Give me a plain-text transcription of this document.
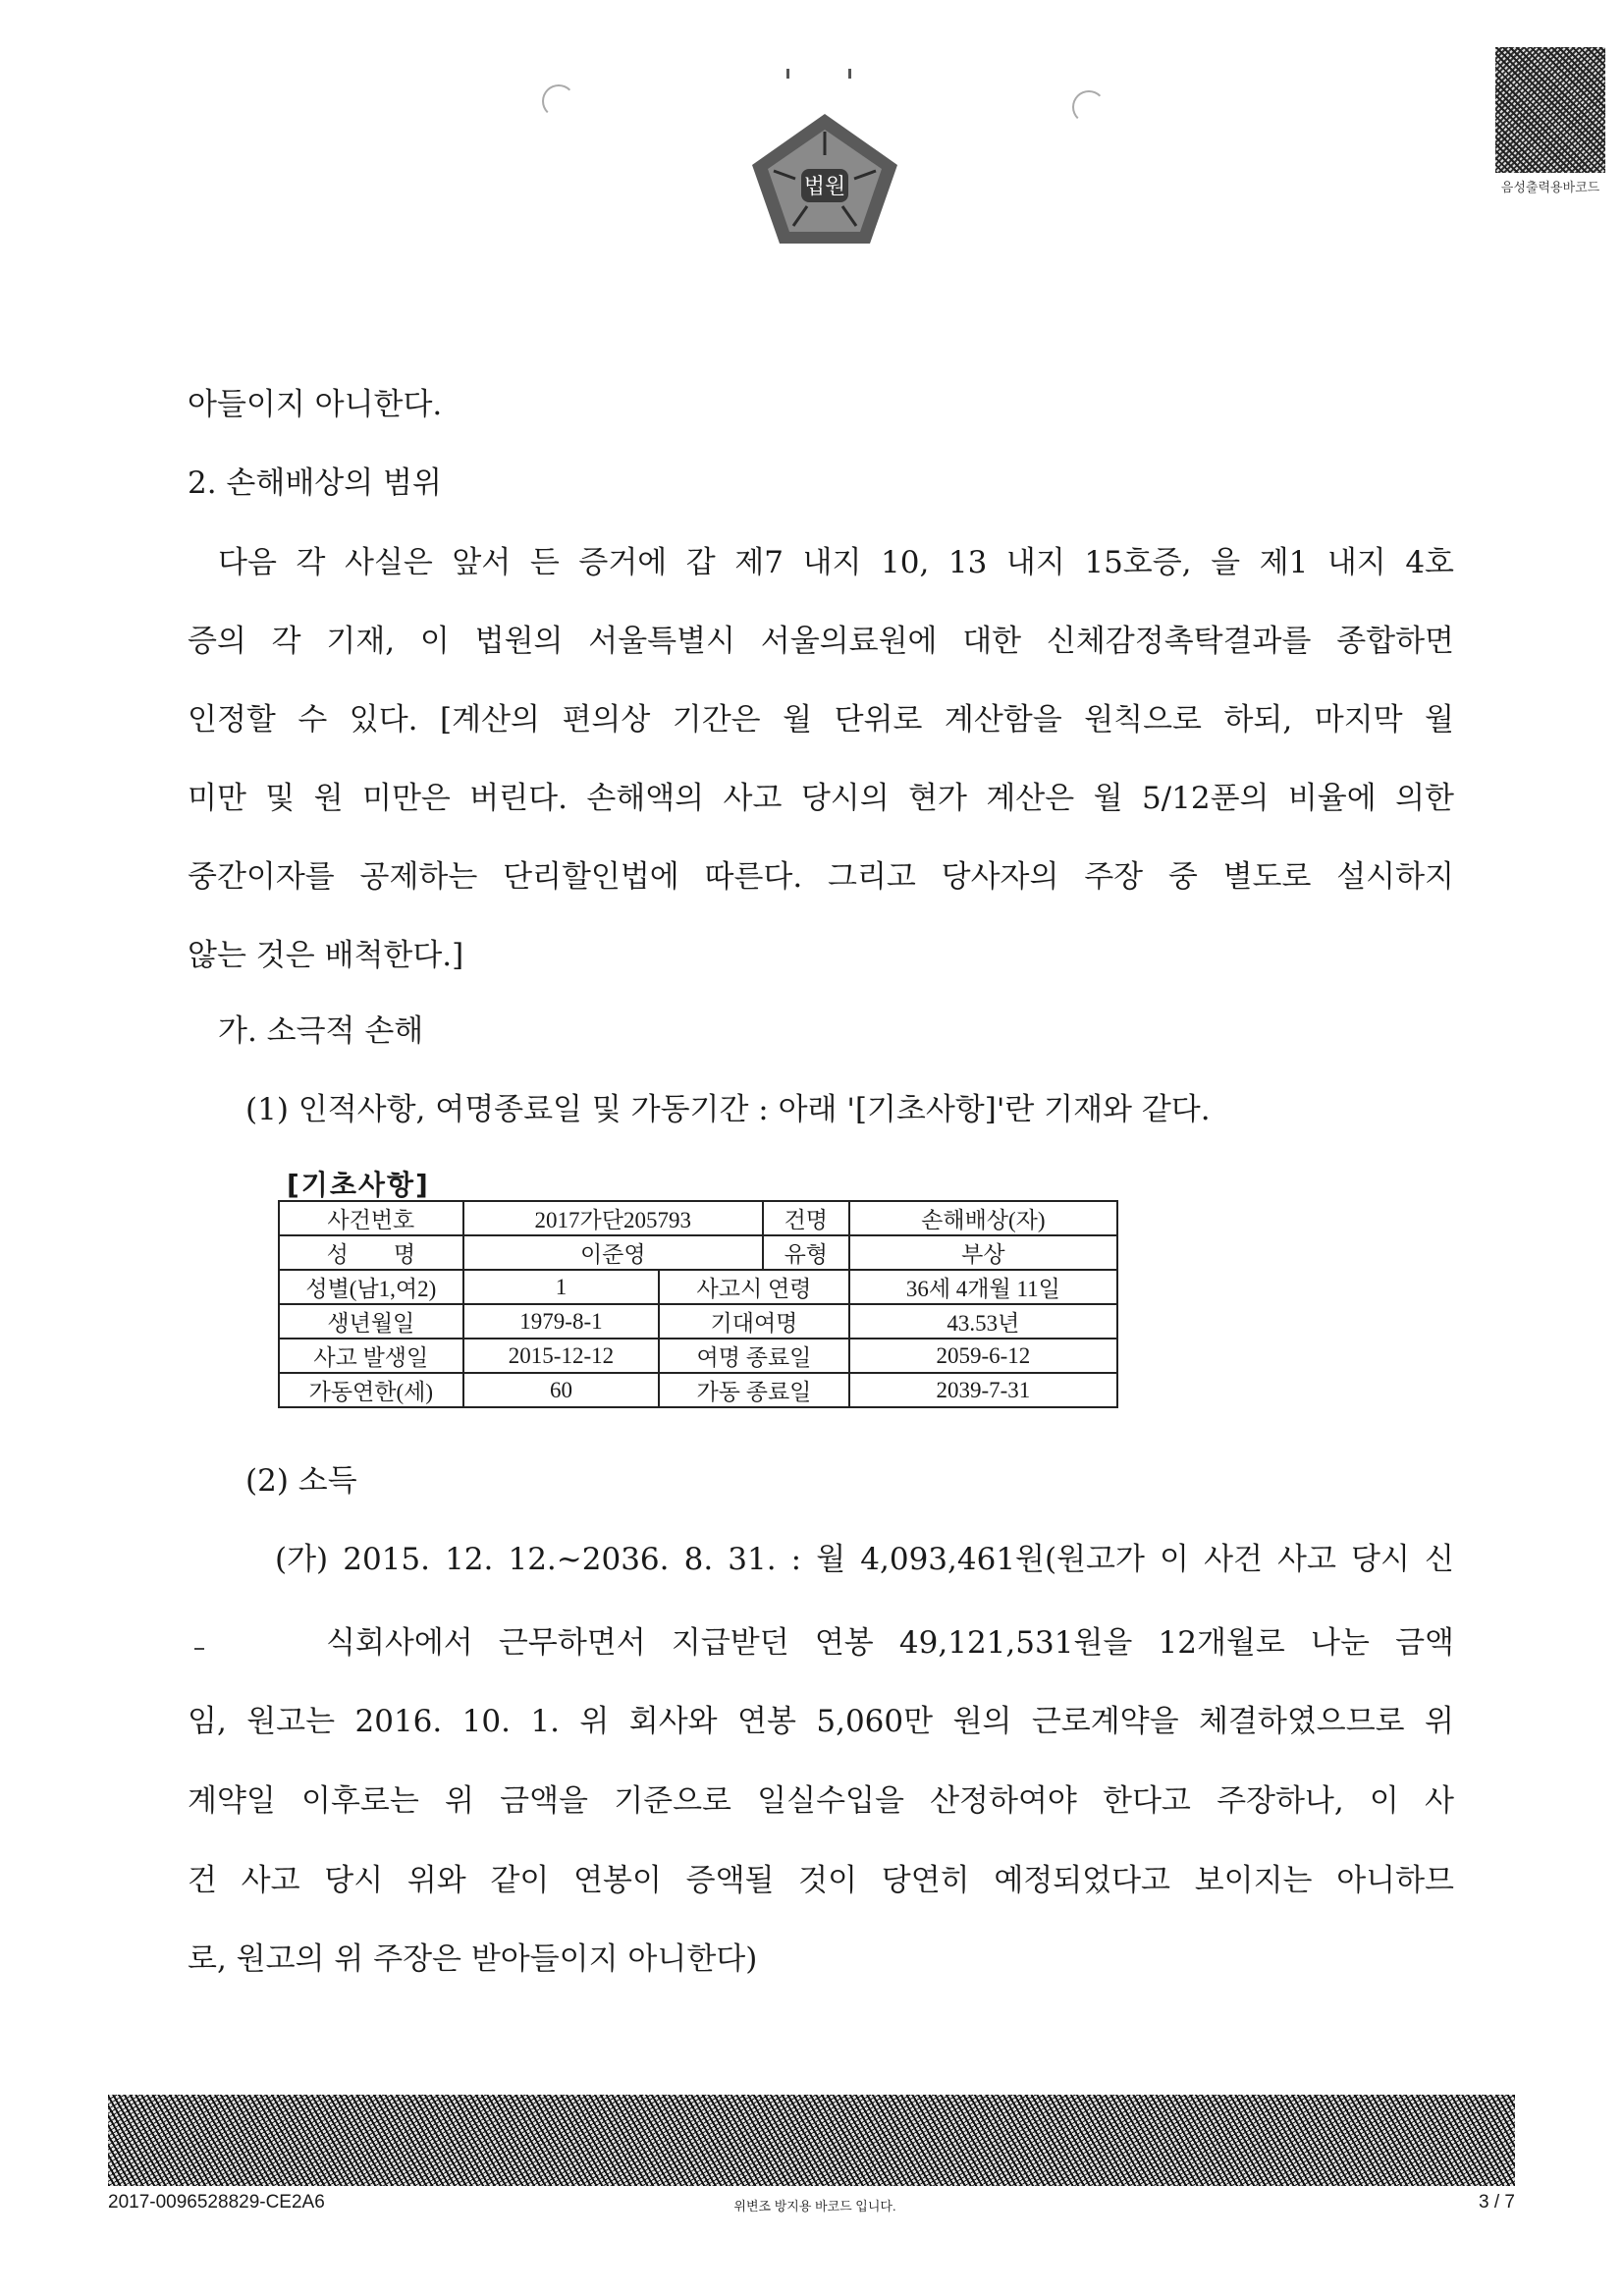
법원	음성출력용바코드
아들이지 아니한다.
2. 손해배상의 범위
다음 각 사실은 앞서 든 증거에 갑 제7 내지 10, 13 내지 15호증, 을 제1 내지 4호
증의 각 기재, 이 법원의 서울특별시 서울의료원에 대한 신체감정촉탁결과를 종합하면
인정할 수 있다. [계산의 편의상 기간은 월 단위로 계산함을 원칙으로 하되, 마지막 월
미만 및 원 미만은 버린다. 손해액의 사고 당시의 현가 계산은 월 5/12푼의 비율에 의한
중간이자를 공제하는 단리할인법에 따른다. 그리고 당사자의 주장 중 별도로 설시하지
않는 것은 배척한다.]
가. 소극적 손해
(1) 인적사항, 여명종료일 및 가동기간 : 아래 '[기초사항]'란 기재와 같다.
[기초사항]
사건번호	2017가단205793		건명	손해배상(자)
성　　명	이준영		유형	부상
성별(남1,여2)	1	사고시 연령		36세 4개월 11일
생년월일	1979-8-1	기대여명		43.53년
사고 발생일	2015-12-12	여명 종료일		2059-6-12
가동연한(세)	60	가동 종료일		2039-7-31
(2) 소득
(가) 2015. 12. 12.~2036. 8. 31. : 월 4,093,461원(원고가 이 사건 사고 당시 신
식회사에서 근무하면서 지급받던 연봉 49,121,531원을 12개월로 나눈 금액
임, 원고는 2016. 10. 1. 위 회사와 연봉 5,060만 원의 근로계약을 체결하였으므로 위
계약일 이후로는 위 금액을 기준으로 일실수입을 산정하여야 한다고 주장하나, 이 사
건 사고 당시 위와 같이 연봉이 증액될 것이 당연히 예정되었다고 보이지는 아니하므
로, 원고의 위 주장은 받아들이지 아니한다)
2017-0096528829-CE2A6	위변조 방지용 바코드 입니다.	3 / 7
